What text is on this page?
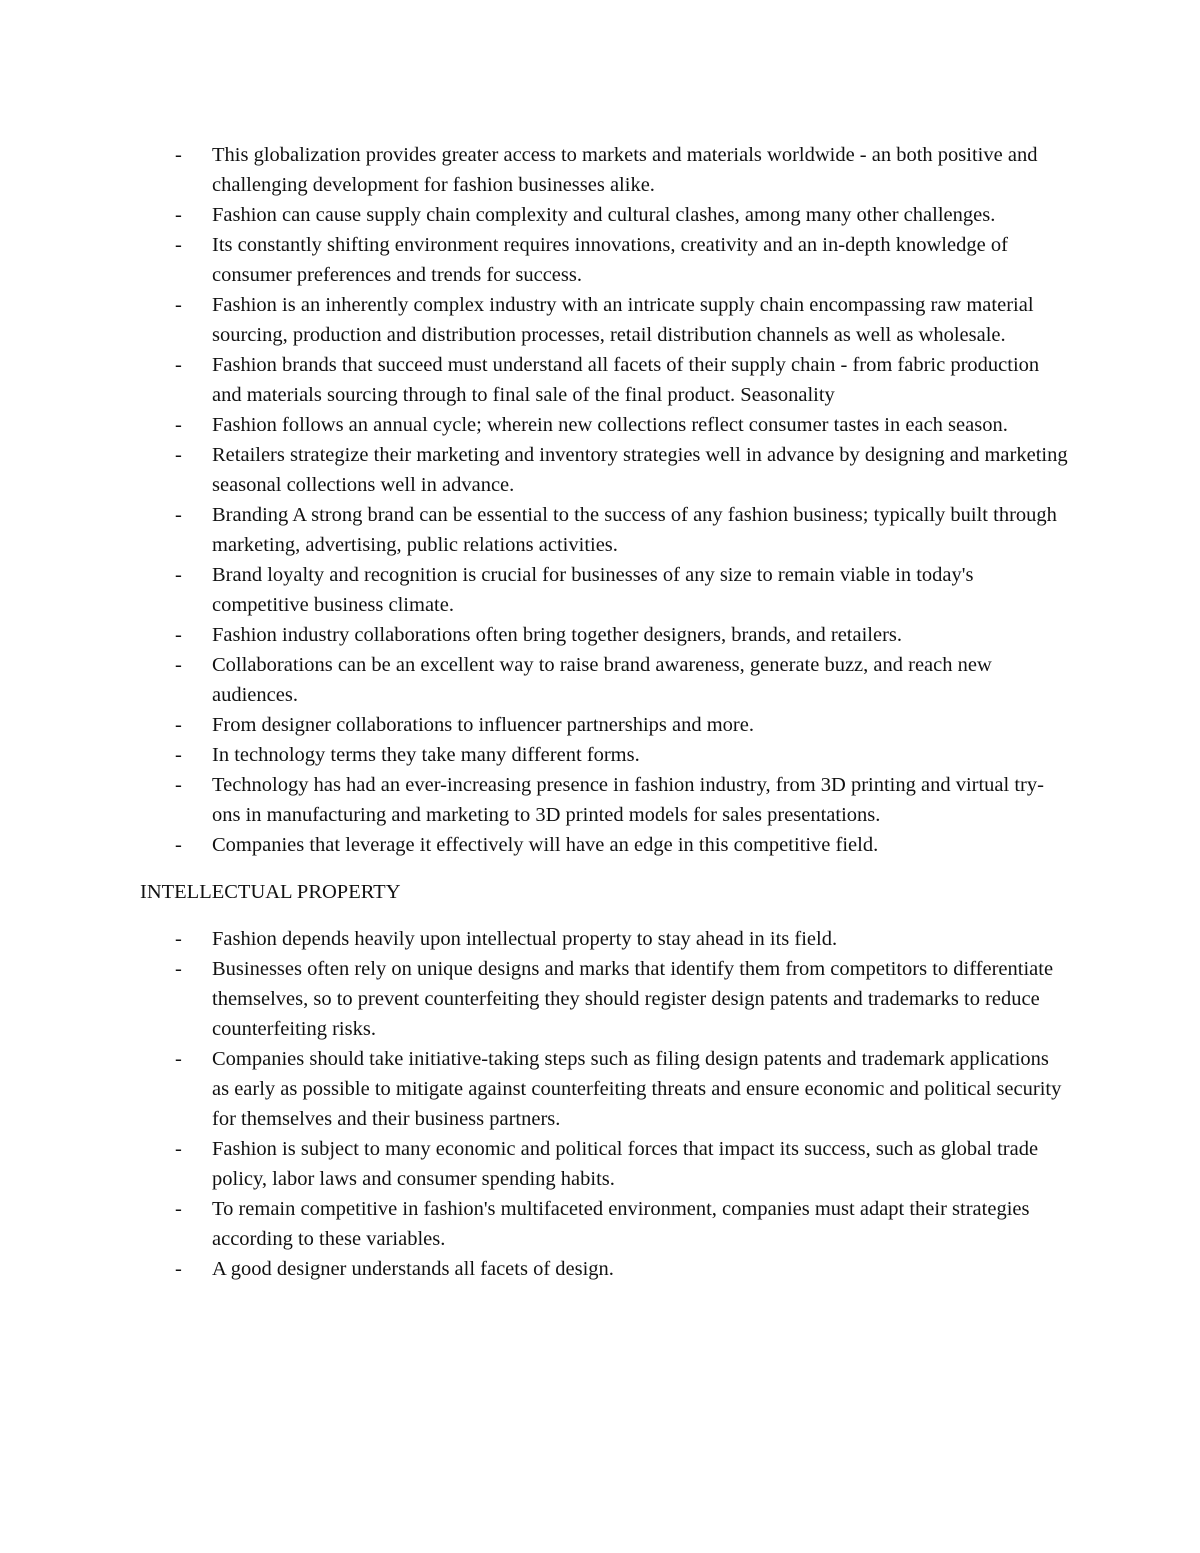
-	This globalization provides greater access to markets and materials worldwide - an both positive and challenging development for fashion businesses alike.
-	Fashion can cause supply chain complexity and cultural clashes, among many other challenges.
-	Its constantly shifting environment requires innovations, creativity and an in-depth knowledge of consumer preferences and trends for success.
-	Fashion is an inherently complex industry with an intricate supply chain encompassing raw material sourcing, production and distribution processes, retail distribution channels as well as wholesale.
-	Fashion brands that succeed must understand all facets of their supply chain - from fabric production and materials sourcing through to final sale of the final product. Seasonality
-	Fashion follows an annual cycle; wherein new collections reflect consumer tastes in each season.
-	Retailers strategize their marketing and inventory strategies well in advance by designing and marketing seasonal collections well in advance.
-	Branding A strong brand can be essential to the success of any fashion business; typically built through marketing, advertising, public relations activities.
-	Brand loyalty and recognition is crucial for businesses of any size to remain viable in today's competitive business climate.
-	Fashion industry collaborations often bring together designers, brands, and retailers.
-	Collaborations can be an excellent way to raise brand awareness, generate buzz, and reach new audiences.
-	From designer collaborations to influencer partnerships and more.
-	In technology terms they take many different forms.
-	Technology has had an ever-increasing presence in fashion industry, from 3D printing and virtual try-ons in manufacturing and marketing to 3D printed models for sales presentations.
-	Companies that leverage it effectively will have an edge in this competitive field.
INTELLECTUAL PROPERTY
-	Fashion depends heavily upon intellectual property to stay ahead in its field.
-	Businesses often rely on unique designs and marks that identify them from competitors to differentiate themselves, so to prevent counterfeiting they should register design patents and trademarks to reduce counterfeiting risks.
-	Companies should take initiative-taking steps such as filing design patents and trademark applications as early as possible to mitigate against counterfeiting threats and ensure economic and political security for themselves and their business partners.
-	Fashion is subject to many economic and political forces that impact its success, such as global trade policy, labor laws and consumer spending habits.
-	To remain competitive in fashion's multifaceted environment, companies must adapt their strategies according to these variables.
-	A good designer understands all facets of design.
